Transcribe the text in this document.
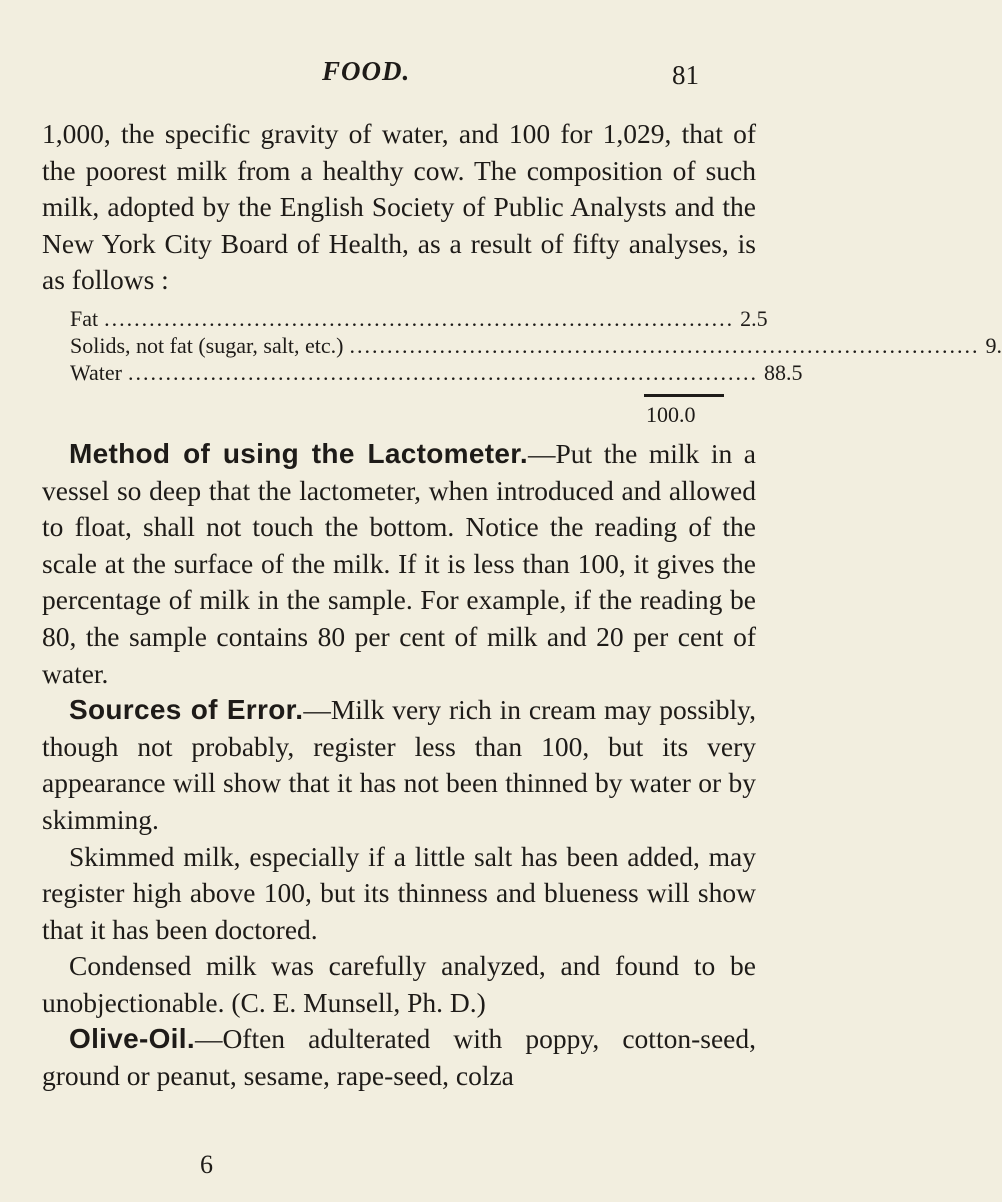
FOOD.	81

1,000, the specific gravity of water, and 100 for 1,029, that of the poorest milk from a healthy cow. The composition of such milk, adopted by the English Society of Public Analysts and the New York City Board of Health, as a result of fifty analyses, is as follows :

Fat .................................................................................... 2.5
Solids, not fat (sugar, salt, etc.) .................................................................................... 9.
Water .................................................................................... 88.5
100.0

Method of using the Lactometer.—Put the milk in a vessel so deep that the lactometer, when introduced and allowed to float, shall not touch the bottom. Notice the reading of the scale at the surface of the milk. If it is less than 100, it gives the percentage of milk in the sample. For example, if the reading be 80, the sample contains 80 per cent of milk and 20 per cent of water.

Sources of Error.—Milk very rich in cream may possibly, though not probably, register less than 100, but its very appearance will show that it has not been thinned by water or by skimming.

Skimmed milk, especially if a little salt has been added, may register high above 100, but its thinness and blueness will show that it has been doctored.

Condensed milk was carefully analyzed, and found to be unobjectionable. (C. E. Munsell, Ph. D.)

Olive-Oil.—Often adulterated with poppy, cotton-seed, ground or peanut, sesame, rape-seed, colza

6
